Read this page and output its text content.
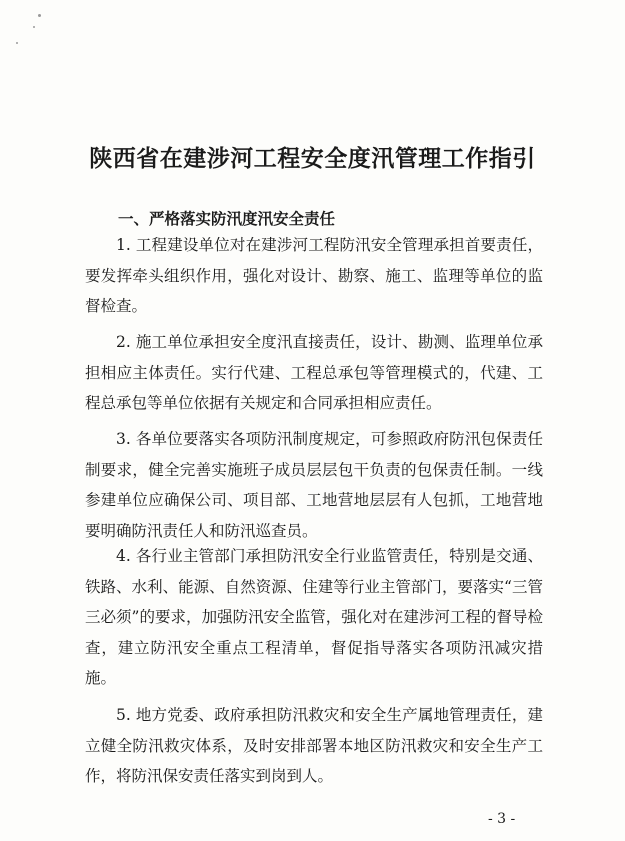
陕西省在建涉河工程安全度汛管理工作指引
一、严格落实防汛度汛安全责任

1. 工程建设单位对在建涉河工程防汛安全管理承担首要责任，要发挥牵头组织作用，强化对设计、勘察、施工、监理等单位的监督检查。

2. 施工单位承担安全度汛直接责任，设计、勘测、监理单位承担相应主体责任。实行代建、工程总承包等管理模式的，代建、工程总承包等单位依据有关规定和合同承担相应责任。

3. 各单位要落实各项防汛制度规定，可参照政府防汛包保责任制要求，健全完善实施班子成员层层包干负责的包保责任制。一线参建单位应确保公司、项目部、工地营地层层有人包抓，工地营地要明确防汛责任人和防汛巡查员。

4. 各行业主管部门承担防汛安全行业监管责任，特别是交通、铁路、水利、能源、自然资源、住建等行业主管部门，要落实“三管三必须”的要求，加强防汛安全监管，强化对在建涉河工程的督导检查，建立防汛安全重点工程清单，督促指导落实各项防汛减灾措施。

5. 地方党委、政府承担防汛救灾和安全生产属地管理责任，建立健全防汛救灾体系，及时安排部署本地区防汛救灾和安全生产工作，将防汛保安责任落实到岗到人。

- 3 -
